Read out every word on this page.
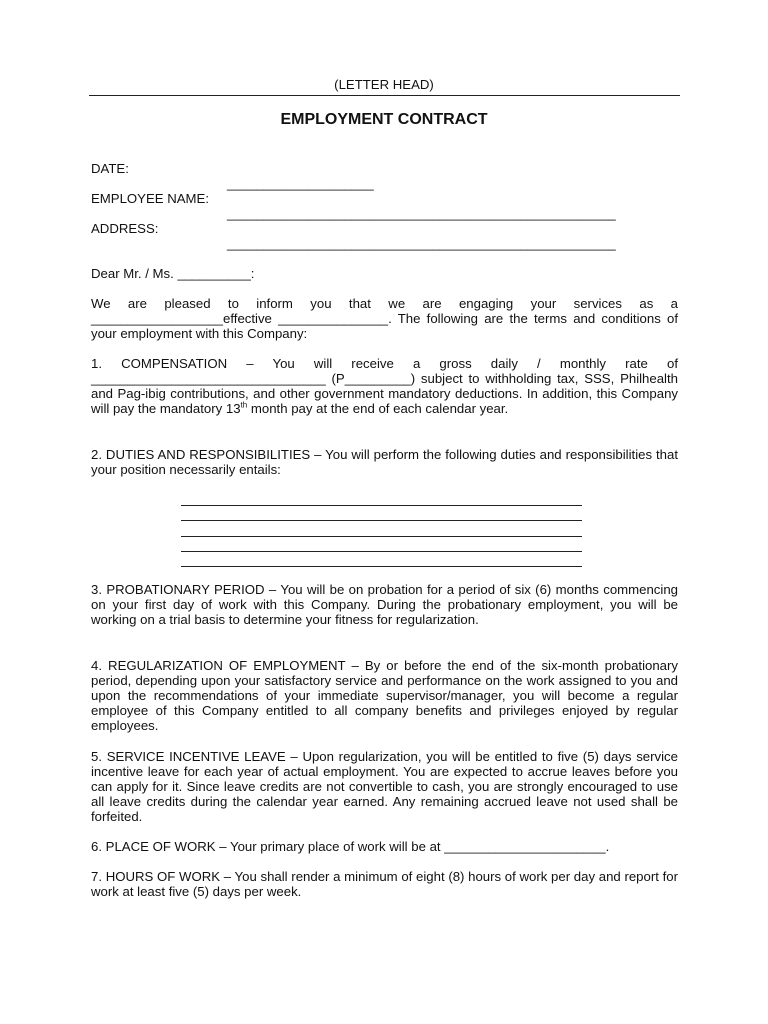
(LETTER HEAD)
EMPLOYMENT CONTRACT

DATE:

____________________

EMPLOYEE NAME:

_____________________________________________________

ADDRESS:

_____________________________________________________

Dear Mr. / Ms. __________:

We are pleased to inform you that we are engaging your services as a __________________effective _______________. The following are the terms and conditions of your employment with this Company:

1. COMPENSATION – You will receive a gross daily / monthly rate of ________________________________ (P_________) subject to withholding tax, SSS, Philhealth and Pag-ibig contributions, and other government mandatory deductions. In addition, this Company will pay the mandatory 13th month pay at the end of each calendar year.

2. DUTIES AND RESPONSIBILITIES – You will perform the following duties and responsibilities that your position necessarily entails:

3. PROBATIONARY PERIOD – You will be on probation for a period of six (6) months commencing on your first day of work with this Company. During the probationary employment, you will be working on a trial basis to determine your fitness for regularization.

4. REGULARIZATION OF EMPLOYMENT – By or before the end of the six-month probationary period, depending upon your satisfactory service and performance on the work assigned to you and upon the recommendations of your immediate supervisor/manager, you will become a regular employee of this Company entitled to all company benefits and privileges enjoyed by regular employees.

5. SERVICE INCENTIVE LEAVE – Upon regularization, you will be entitled to five (5) days service incentive leave for each year of actual employment. You are expected to accrue leaves before you can apply for it. Since leave credits are not convertible to cash, you are strongly encouraged to use all leave credits during the calendar year earned. Any remaining accrued leave not used shall be forfeited.

6. PLACE OF WORK – Your primary place of work will be at ______________________.

7. HOURS OF WORK – You shall render a minimum of eight (8) hours of work per day and report for work at least five (5) days per week.
